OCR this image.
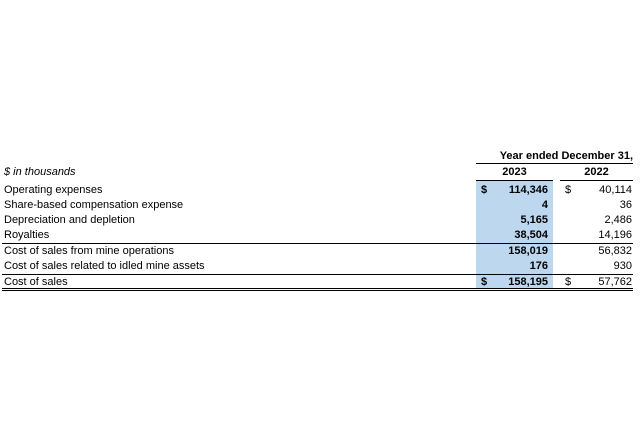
Year ended December 31,
$ in thousands	2023	2022
Operating expenses	$	114,346 $	40,114
Share-based compensation expense	4	36
Depreciation and depletion	5,165	2,486
Royalties	38,504	14,196
Cost of sales from mine operations	158,019	56,832
Cost of sales related to idled mine assets	176	930
Cost of sales	$	158,195 $	57,762
